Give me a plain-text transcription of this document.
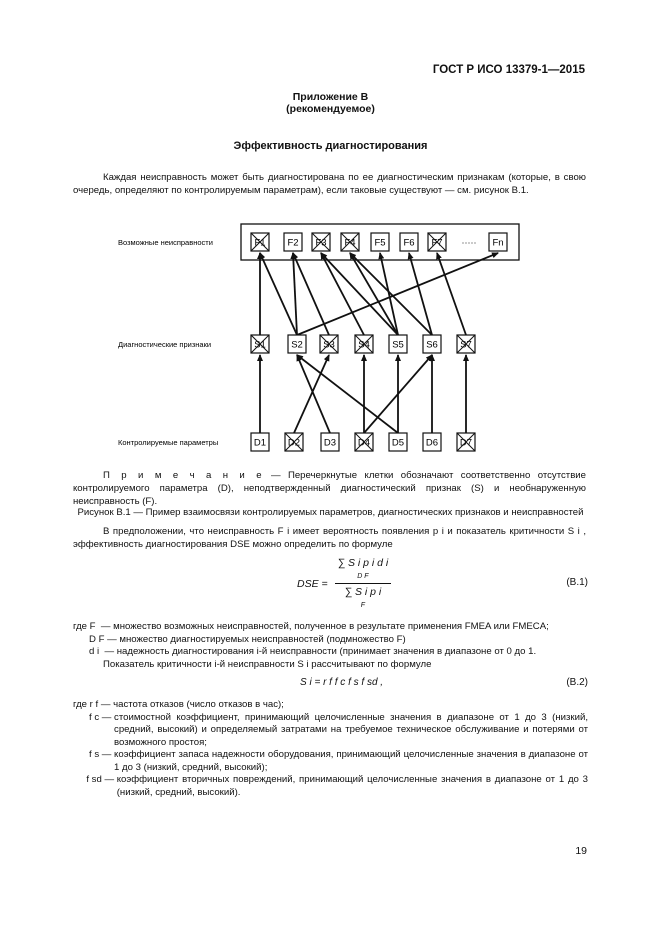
ГОСТ Р ИСО 13379-1—2015
Приложение В
(рекомендуемое)
Эффективность диагностирования
Каждая неисправность может быть диагностирована по ее диагностическим признакам (которые, в свою очередь, определяют по контролируемым параметрам), если таковые существуют — см. рисунок В.1.
Возможные неисправности
Диагностические признаки
Контролируемые параметры
F1 F2 F3 F4 F5 F6 F7 ····· Fn
S1	S2 S3 S4 S5 S6 S7
D1 D2	D3 D4 D5 D6 D7
П р и м е ч а н и е — Перечеркнутые клетки обозначают соответственно отсутствие контролируемого параметра (D), неподтвержденный диагностический признак (S) и необнаруженную неисправность (F).
Рисунок В.1 — Пример взаимосвязи контролируемых параметров, диагностических признаков и неисправностей
В предположении, что неисправность F i имеет вероятность появления p i и показатель критичности S i , эффективность диагностирования DSE можно определить по формуле
DSE =
∑ S i p i d i
D F
∑ S i p i
F
(В.1)
где F  — множество возможных неисправностей, полученное в результате применения FMEA или FMECA;
D F — множество диагностируемых неисправностей (подмножество F)
d i  — надежность диагностирования i-й неисправности (принимает значения в диапазоне от 0 до 1.
Показатель критичности i-й неисправности S i рассчитывают по формуле
S i = r f f c f s f sd ,	(В.2)
где r f — частота отказов (число отказов в час);
f c — стоимостной коэффициент, принимающий целочисленные значения в диапазоне от 1 до 3 (низкий, средний, высокий) и определяемый затратами на требуемое техническое обслуживание и потерями от возможного простоя;
f s — коэффициент запаса надежности оборудования, принимающий целочисленные значения в диапазоне от 1 до 3 (низкий, средний, высокий);
f sd — коэффициент вторичных повреждений, принимающий целочисленные значения в диапазоне от 1 до 3 (низкий, средний, высокий).
19
